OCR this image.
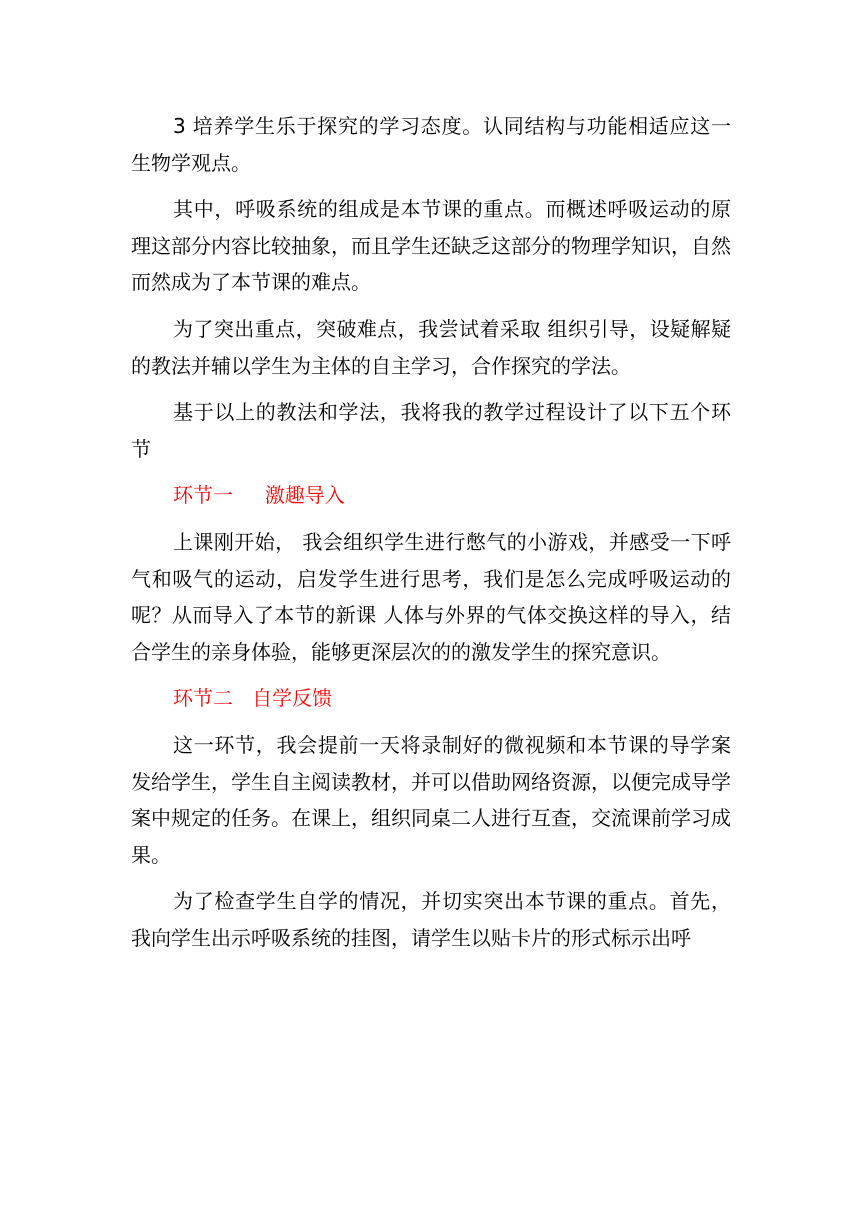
3 培养学生乐于探究的学习态度。认同结构与功能相适应这一生物学观点。

其中，呼吸系统的组成是本节课的重点。而概述呼吸运动的原理这部分内容比较抽象，而且学生还缺乏这部分的物理学知识，自然而然成为了本节课的难点。

为了突出重点，突破难点，我尝试着采取 组织引导，设疑解疑的教法并辅以学生为主体的自主学习，合作探究的学法。

基于以上的教法和学法，我将我的教学过程设计了以下五个环节

环节一     激趣导入

上课刚开始， 我会组织学生进行憋气的小游戏，并感受一下呼气和吸气的运动，启发学生进行思考，我们是怎么完成呼吸运动的呢？从而导入了本节的新课 人体与外界的气体交换这样的导入，结合学生的亲身体验，能够更深层次的的激发学生的探究意识。

环节二   自学反馈

这一环节，我会提前一天将录制好的微视频和本节课的导学案发给学生，学生自主阅读教材，并可以借助网络资源，以便完成导学案中规定的任务。在课上，组织同桌二人进行互查，交流课前学习成果。

为了检查学生自学的情况，并切实突出本节课的重点。首先，我向学生出示呼吸系统的挂图，请学生以贴卡片的形式标示出呼
